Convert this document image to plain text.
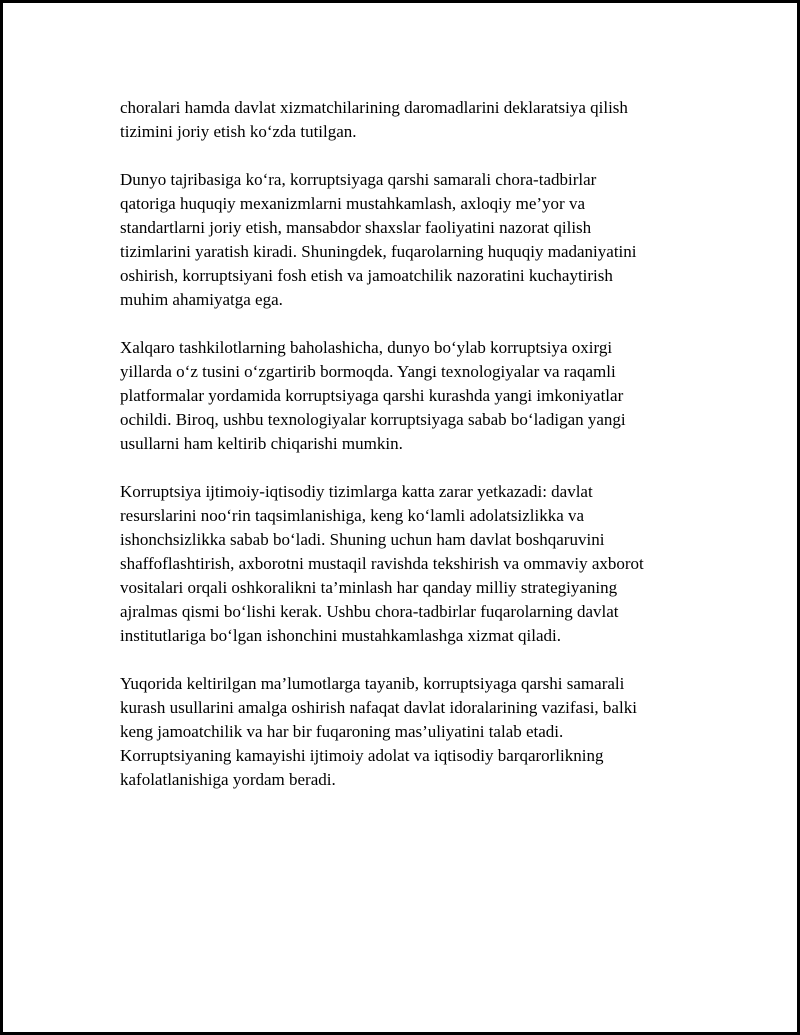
choralari hamda davlat xizmatchilarining daromadlarini deklaratsiya qilish
tizimini joriy etish ko‘zda tutilgan.

Dunyo tajribasiga ko‘ra, korruptsiyaga qarshi samarali chora-tadbirlar
qatoriga huquqiy mexanizmlarni mustahkamlash, axloqiy me’yor va
standartlarni joriy etish, mansabdor shaxslar faoliyatini nazorat qilish
tizimlarini yaratish kiradi. Shuningdek, fuqarolarning huquqiy madaniyatini
oshirish, korruptsiyani fosh etish va jamoatchilik nazoratini kuchaytirish
muhim ahamiyatga ega.

Xalqaro tashkilotlarning baholashicha, dunyo bo‘ylab korruptsiya oxirgi
yillarda o‘z tusini o‘zgartirib bormoqda. Yangi texnologiyalar va raqamli
platformalar yordamida korruptsiyaga qarshi kurashda yangi imkoniyatlar
ochildi. Biroq, ushbu texnologiyalar korruptsiyaga sabab bo‘ladigan yangi
usullarni ham keltirib chiqarishi mumkin.

Korruptsiya ijtimoiy-iqtisodiy tizimlarga katta zarar yetkazadi: davlat
resurslarini noo‘rin taqsimlanishiga, keng ko‘lamli adolatsizlikka va
ishonchsizlikka sabab bo‘ladi. Shuning uchun ham davlat boshqaruvini
shaffoflashtirish, axborotni mustaqil ravishda tekshirish va ommaviy axborot
vositalari orqali oshkoralikni ta’minlash har qanday milliy strategiyaning
ajralmas qismi bo‘lishi kerak. Ushbu chora-tadbirlar fuqarolarning davlat
institutlariga bo‘lgan ishonchini mustahkamlashga xizmat qiladi.

Yuqorida keltirilgan ma’lumotlarga tayanib, korruptsiyaga qarshi samarali
kurash usullarini amalga oshirish nafaqat davlat idoralarining vazifasi, balki
keng jamoatchilik va har bir fuqaroning mas’uliyatini talab etadi.
Korruptsiyaning kamayishi ijtimoiy adolat va iqtisodiy barqarorlikning
kafolatlanishiga yordam beradi.
